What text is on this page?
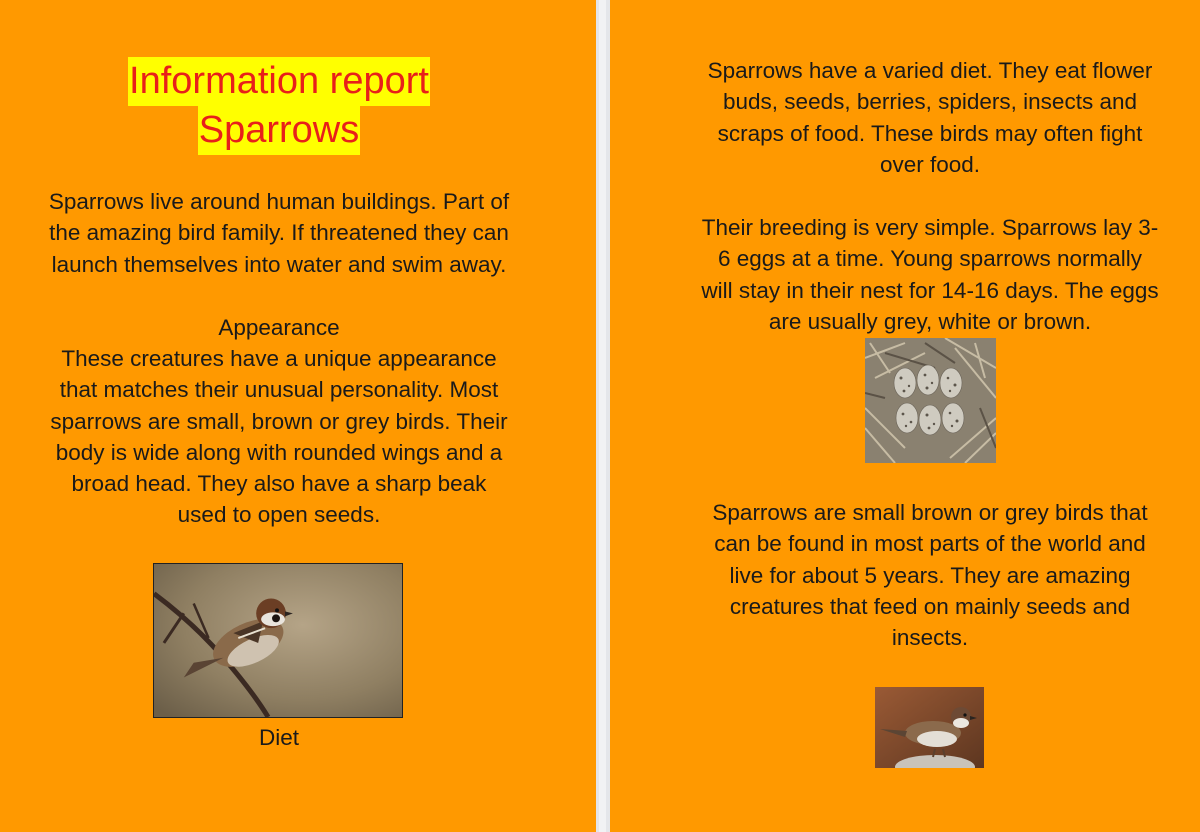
Information report
Sparrows

Sparrows live around human buildings. Part of
the amazing bird family. If threatened they can
launch themselves into water and swim away.

Appearance

These creatures have a unique appearance
that matches their unusual personality. Most
sparrows are small, brown or grey birds. Their
body is wide along with rounded wings and a
broad head. They also have a sharp beak
used to open seeds.

Diet

Sparrows have a varied diet. They eat flower
buds, seeds, berries, spiders, insects and
scraps of food. These birds may often fight
over food.

Their breeding is very simple. Sparrows lay 3-
6 eggs at a time. Young sparrows normally
will stay in their nest for 14-16 days. The eggs
are usually grey, white or brown.

Sparrows are small brown or grey birds that
can be found in most parts of the world and
live for about 5 years. They are amazing
creatures that feed on mainly seeds and
insects.
